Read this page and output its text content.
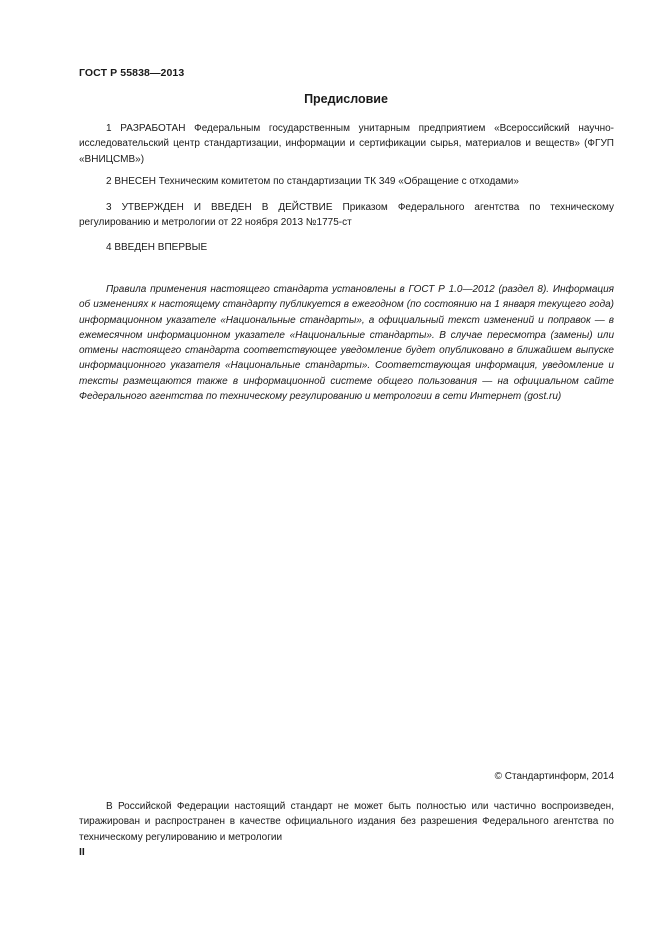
ГОСТ Р 55838—2013
Предисловие

1 РАЗРАБОТАН Федеральным государственным унитарным предприятием «Всероссийский научно-исследовательский центр стандартизации, информации и сертификации сырья, материалов и веществ» (ФГУП «ВНИЦСМВ»)

2 ВНЕСЕН Техническим комитетом по стандартизации ТК 349 «Обращение с отходами»

3 УТВЕРЖДЕН И ВВЕДЕН В ДЕЙСТВИЕ Приказом Федерального агентства по техническому регулированию и метрологии от 22 ноября 2013 №1775-ст

4 ВВЕДЕН ВПЕРВЫЕ

Правила применения настоящего стандарта установлены в ГОСТ Р 1.0—2012 (раздел 8). Информация об изменениях к настоящему стандарту публикуется в ежегодном (по состоянию на 1 января текущего года) информационном указателе «Национальные стандарты», а официальный текст изменений и поправок — в ежемесячном информационном указателе «Национальные стандарты». В случае пересмотра (замены) или отмены настоящего стандарта соответствующее уведомление будет опубликовано в ближайшем выпуске информационного указателя «Национальные стандарты». Соответствующая информация, уведомление и тексты размещаются также в информационной системе общего пользования — на официальном сайте Федерального агентства по техническому регулированию и метрологии в сети Интернет (gost.ru)

© Стандартинформ, 2014

В Российской Федерации настоящий стандарт не может быть полностью или частично воспроизведен, тиражирован и распространен в качестве официального издания без разрешения Федерального агентства по техническому регулированию и метрологии

II
